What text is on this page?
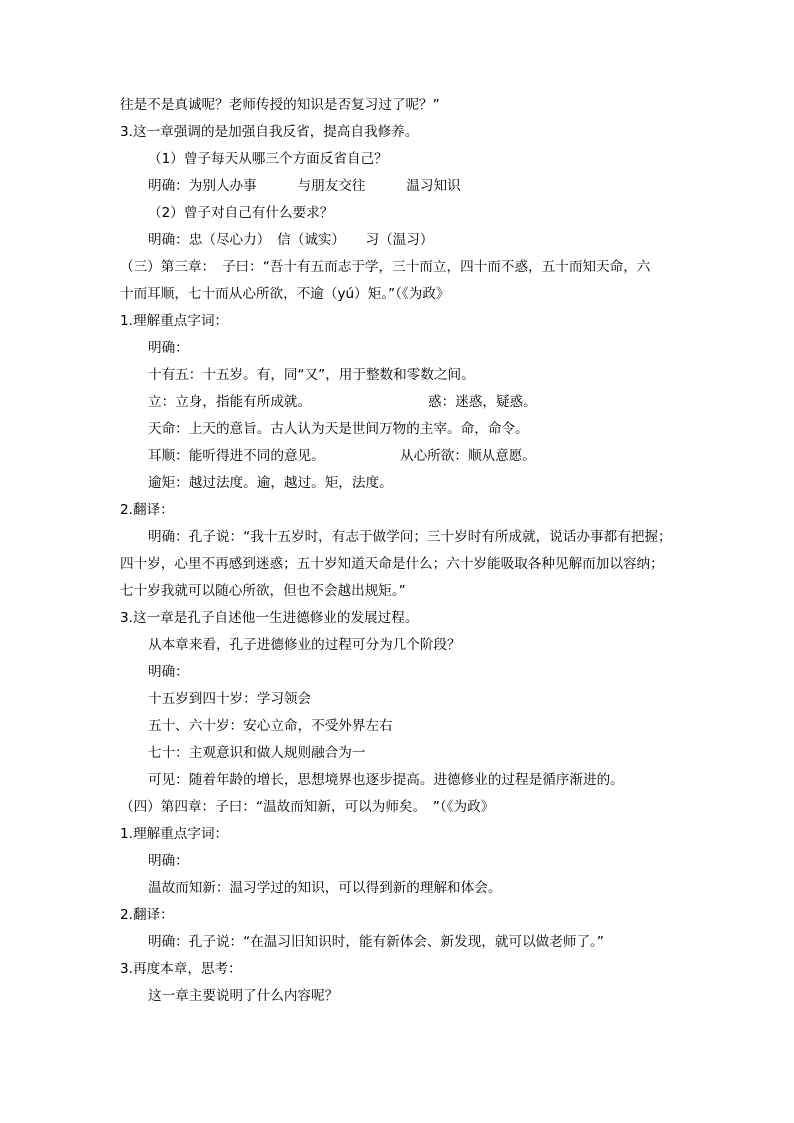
往是不是真诚呢？老师传授的知识是否复习过了呢？”
3.这一章强调的是加强自我反省，提高自我修养。
（1）曾子每天从哪三个方面反省自己？
明确：为别人办事　　　与朋友交往　　　温习知识
（2）曾子对自己有什么要求？
明确：忠（尽心力）　信（诚实）　　习（温习）
（三）第三章：　子曰：“吾十有五而志于学，三十而立，四十而不惑，五十而知天命，六
十而耳顺，七十而从心所欲，不逾（yú）矩。”（《为政》
1.理解重点字词：
明确：
十有五：十五岁。有，同“又”，用于整数和零数之间。
立：立身，指能有所成就。	惑：迷惑，疑惑。
天命：上天的意旨。古人认为天是世间万物的主宰。命，命令。
耳顺：能听得进不同的意见。	从心所欲：顺从意愿。
逾矩：越过法度。逾，越过。矩，法度。
2.翻译：
明确：孔子说：“我十五岁时，有志于做学问；三十岁时有所成就，说话办事都有把握；
四十岁，心里不再感到迷惑；五十岁知道天命是什么；六十岁能吸取各种见解而加以容纳；
七十岁我就可以随心所欲，但也不会越出规矩。”
3.这一章是孔子自述他一生进德修业的发展过程。
从本章来看，孔子进德修业的过程可分为几个阶段？
明确：
十五岁到四十岁：学习领会
五十、六十岁：安心立命，不受外界左右
七十：主观意识和做人规则融合为一
可见：随着年龄的增长，思想境界也逐步提高。进德修业的过程是循序渐进的。
（四）第四章：子曰：“温故而知新，可以为师矣。　”（《为政》
1.理解重点字词：
明确：
温故而知新：温习学过的知识，可以得到新的理解和体会。
2.翻译：
明确：孔子说：“在温习旧知识时，能有新体会、新发现，就可以做老师了。”
3.再度本章，思考：
这一章主要说明了什么内容呢？
